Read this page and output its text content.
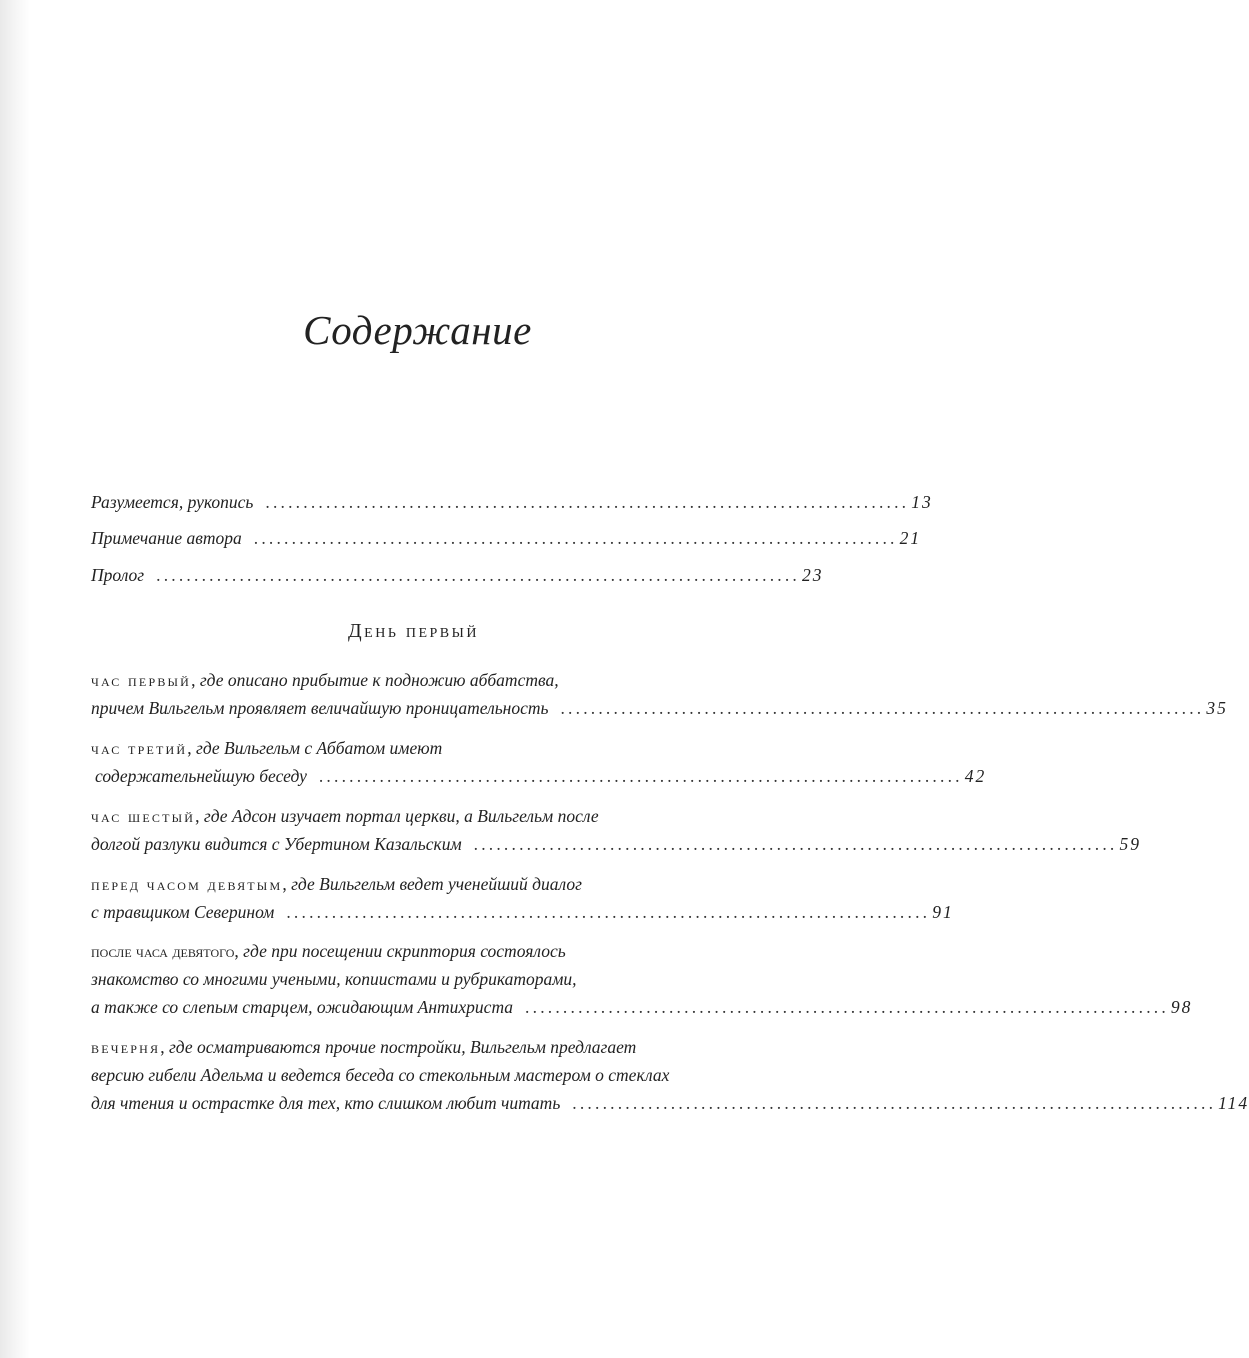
Содержание
Разумеется, рукопись ..................................................................................... 13
Примечание автора ..................................................................................... 21
Пролог ..................................................................................... 23
День первый
час первый, где описано прибытие к подножию аббатства,
причем Вильгельм проявляет величайшую проницательность ..................................................................................... 35
час третий, где Вильгельм с Аббатом имеют
содержательнейшую беседу ..................................................................................... 42
час шестый, где Адсон изучает портал церкви, а Вильгельм после
долгой разлуки видится с Убертином Казальским ..................................................................................... 59
перед часом девятым, где Вильгельм ведет ученейший диалог
с травщиком Северином ..................................................................................... 91
после часа девятого, где при посещении скриптория состоялось
знакомство со многими учеными, копиистами и рубрикаторами,
а также со слепым старцем, ожидающим Антихриста ..................................................................................... 98
вечерня, где осматриваются прочие постройки, Вильгельм предлагает
версию гибели Адельма и ведется беседа со стекольным мастером о стеклах
для чтения и острастке для тех, кто слишком любит читать ..................................................................................... 114
